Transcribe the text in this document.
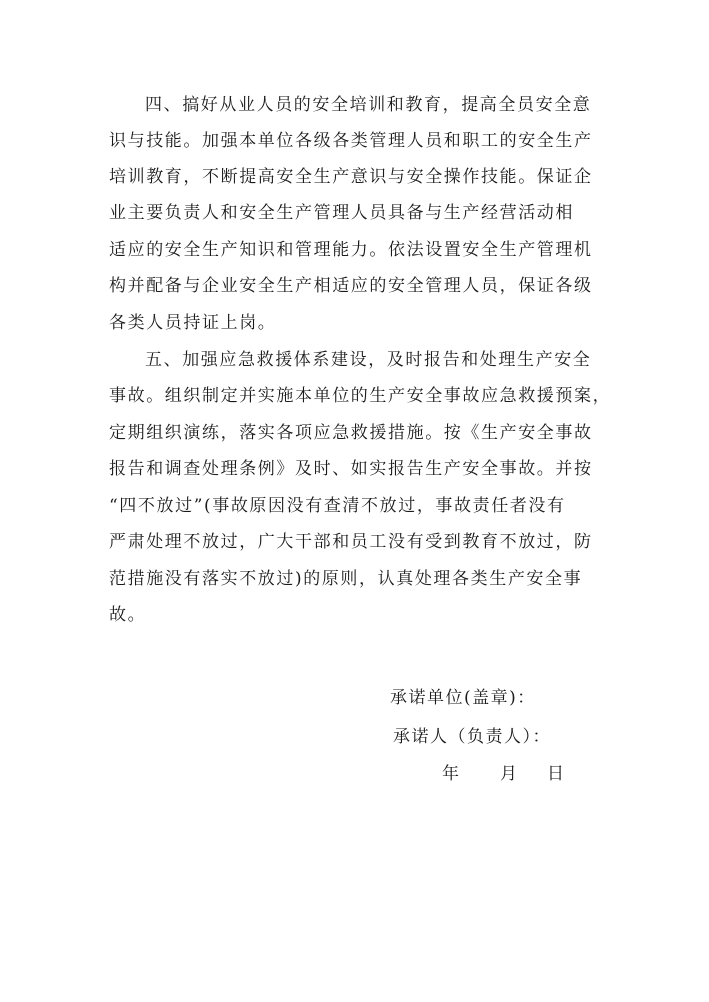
四、搞好从业人员的安全培训和教育，提高全员安全意
识与技能。加强本单位各级各类管理人员和职工的安全生产
培训教育，不断提高安全生产意识与安全操作技能。保证企
业主要负责人和安全生产管理人员具备与生产经营活动相
适应的安全生产知识和管理能力。依法设置安全生产管理机
构并配备与企业安全生产相适应的安全管理人员，保证各级
各类人员持证上岗。
五、加强应急救援体系建设，及时报告和处理生产安全
事故。组织制定并实施本单位的生产安全事故应急救援预案，
定期组织演练，落实各项应急救援措施。按《生产安全事故
报告和调查处理条例》及时、如实报告生产安全事故。并按
“四不放过”(事故原因没有查清不放过，事故责任者没有
严肃处理不放过，广大干部和员工没有受到教育不放过，防
范措施没有落实不放过)的原则，认真处理各类生产安全事
故。
承诺单位(盖章)：
承诺人（负责人）：
年 月 日
